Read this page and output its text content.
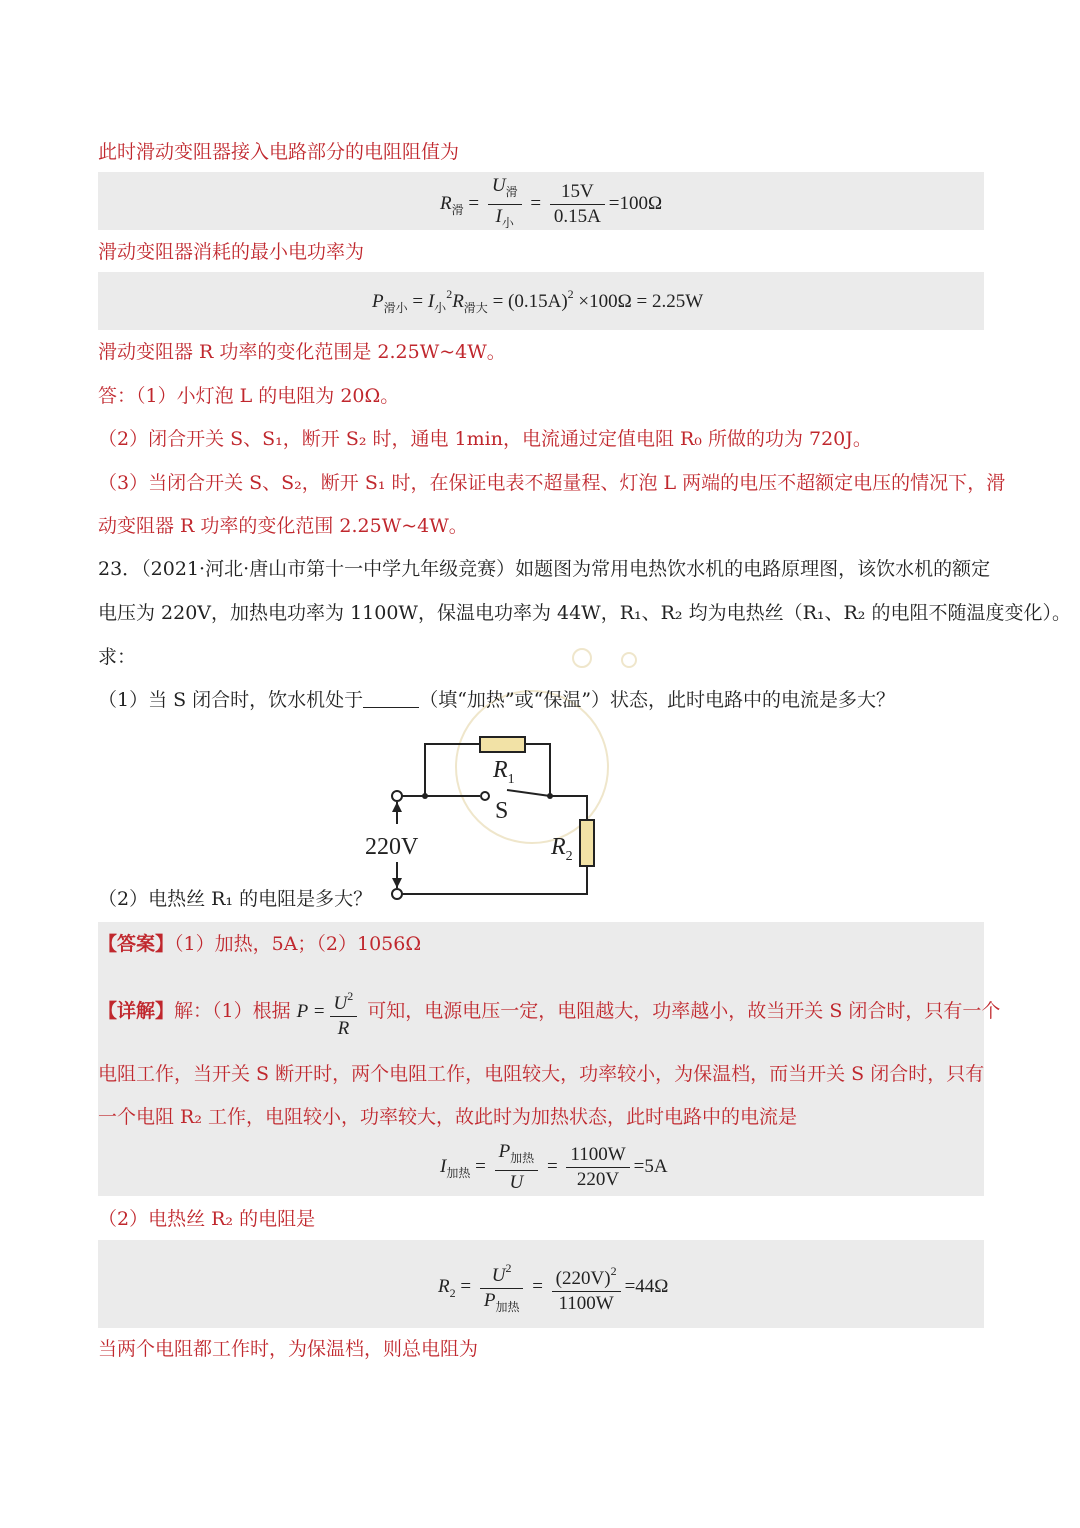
此时滑动变阻器接入电路部分的电阻阻值为
$R_滑 = \frac{U_滑}{I_小} = \frac{15V}{0.15A} =100\Omega$
滑动变阻器消耗的最小电功率为
$P_{滑小} = I_小^2R_{滑大} = (0.15A)^2 \times 100\Omega = 2.25W$
滑动变阻器 R 功率的变化范围是 2.25W~4W。
答：（1）小灯泡 L 的电阻为 20Ω。
（2）闭合开关 S、S₁，断开 S₂ 时，通电 1min，电流通过定值电阻 R₀ 所做的功为 720J。
（3）当闭合开关 S、S₂，断开 S₁ 时，在保证电表不超量程、灯泡 L 两端的电压不超额定电压的情况下，滑
动变阻器 R 功率的变化范围 2.25W~4W。
23．（2021·河北·唐山市第十一中学九年级竞赛）如题图为常用电热饮水机的电路原理图，该饮水机的额定
电压为 220V，加热电功率为 1100W，保温电功率为 44W，R₁、R₂ 均为电热丝（R₁、R₂ 的电阻不随温度变化）。
求：
（1）当 S 闭合时，饮水机处于	（填“加热”或“保温”）状态，此时电路中的电流是多大？
$R_1$
S
$R_2$
220V
（2）电热丝 R₁ 的电阻是多大？
【答案】（1）加热，5A；（2）1056Ω
【详解】解：（1）根据 $P = \frac{U^2}{R}$ 可知，电源电压一定，电阻越大，功率越小，故当开关 S 闭合时，只有一个
电阻工作，当开关 S 断开时，两个电阻工作，电阻较大，功率较小，为保温档，而当开关 S 闭合时，只有
一个电阻 R₂ 工作，电阻较小，功率较大，故此时为加热状态，此时电路中的电流是
$I_{加热} = \frac{P_{加热}}{U} = \frac{1100W}{220V} =5A$
（2）电热丝 R₂ 的电阻是
$R_2 = \frac{U^2}{P_{加热}} = \frac{(220V)^2}{1100W} =44\Omega$
当两个电阻都工作时，为保温档，则总电阻为
